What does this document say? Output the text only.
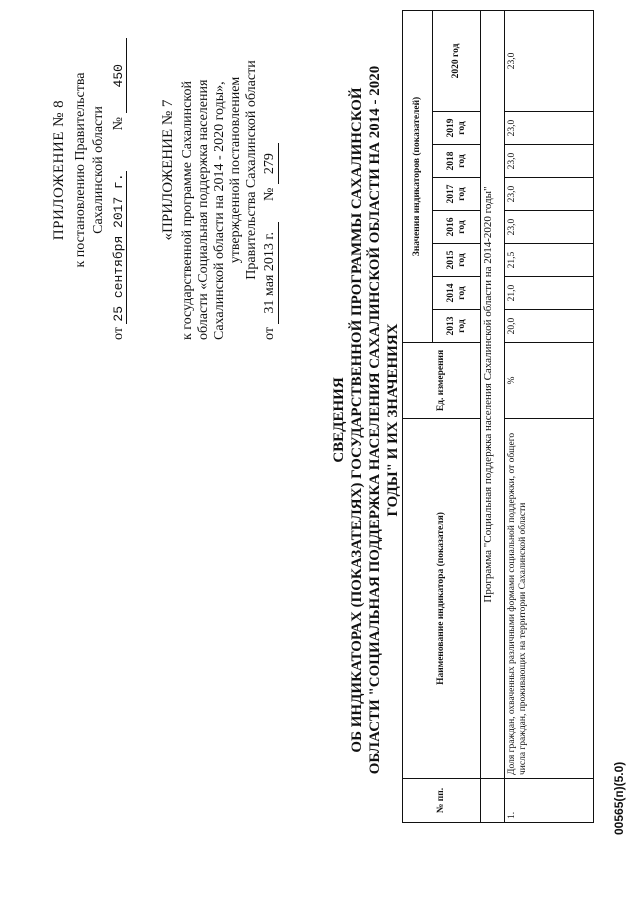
ПРИЛОЖЕНИЕ № 8 к постановлению Правительства Сахалинской области
от 25 сентября 2017 г.  № 450
«ПРИЛОЖЕНИЕ № 7 к государственной программе Сахалинской области «Социальная поддержка населения Сахалинской области на 2014 - 2020 годы», утвержденной постановлением Правительства Сахалинской области
от 31 мая 2013 г.  № 279
СВЕДЕНИЯ ОБ ИНДИКАТОРАХ (ПОКАЗАТЕЛЯХ) ГОСУДАРСТВЕННОЙ ПРОГРАММЫ САХАЛИНСКОЙ ОБЛАСТИ "СОЦИАЛЬНАЯ ПОДДЕРЖКА НАСЕЛЕНИЯ САХАЛИНСКОЙ ОБЛАСТИ НА 2014 - 2020 ГОДЫ" И ИХ ЗНАЧЕНИЯХ
№ пп.	Наименование индикатора (показателя)	Ед. измерения	Значения индикаторов (показателей)							
			2013 год	2014 год	2015 год	2016 год	2017 год	2018 год	2019 год	2020 год
	Программа "Социальная поддержка населения Сахалинской области на 2014-2020 годы"									
1.	Доля граждан, охваченных различными формами социальной поддержки, от общего числа граждан, проживающих на территории Сахалинской области	%	20,0	21,0	21,5	23,0	23,0	23,0	23,0	23,0
00565(п)(5.0)
